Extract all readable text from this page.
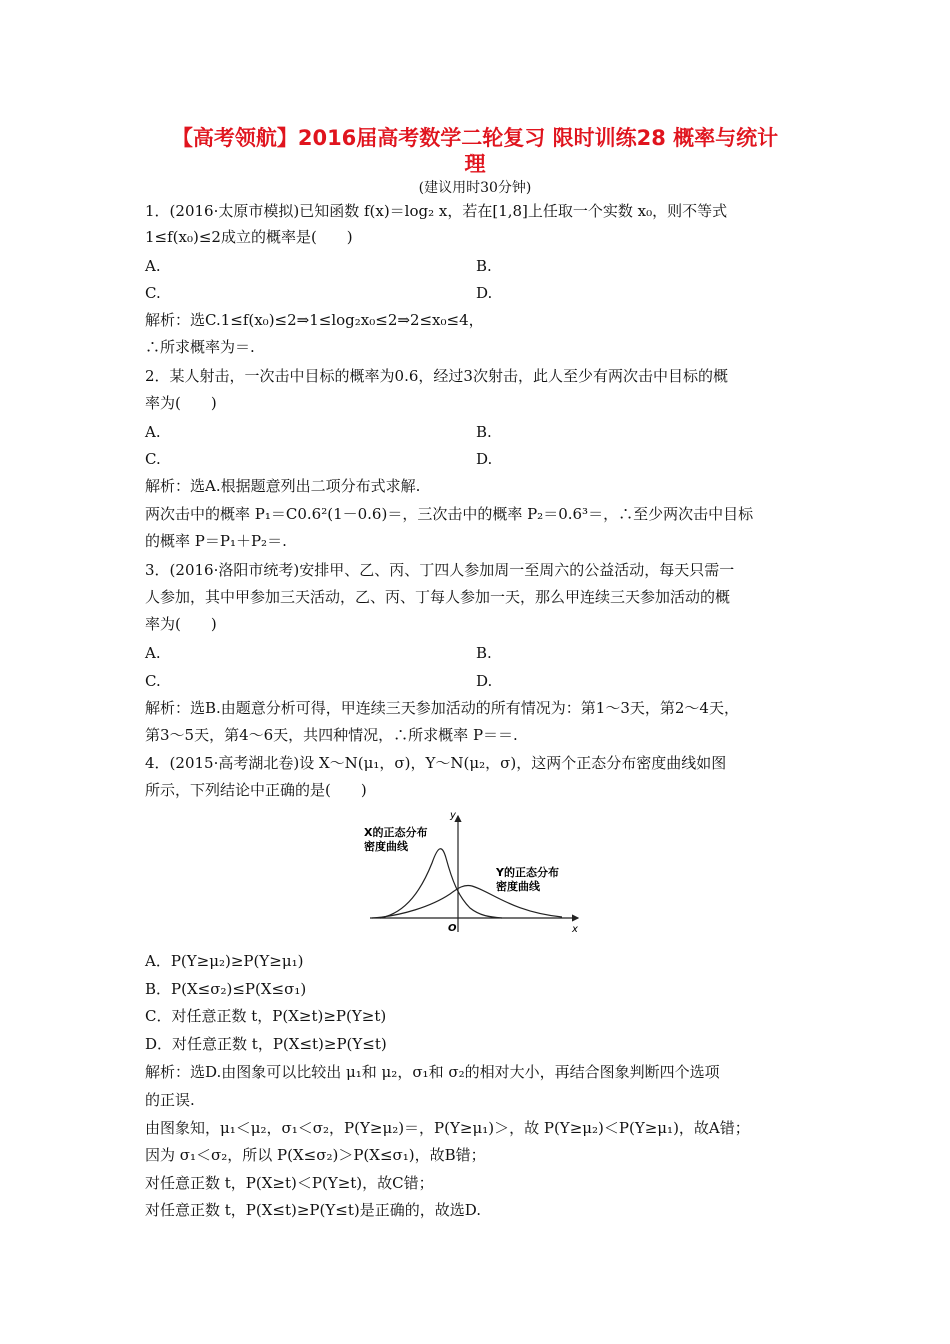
【高考领航】2016届高考数学二轮复习 限时训练28 概率与统计
理
(建议用时30分钟)
1．(2016·太原市模拟)已知函数 f(x)＝log₂ x，若在[1,8]上任取一个实数 x₀，则不等式
1≤f(x₀)≤2成立的概率是(　　)
A.	B.
C.	D.
解析：选C.1≤f(x₀)≤2⇒1≤log₂x₀≤2⇒2≤x₀≤4，
∴所求概率为＝.
2．某人射击，一次击中目标的概率为0.6，经过3次射击，此人至少有两次击中目标的概
率为(　　)
A.	B.
C.	D.
解析：选A.根据题意列出二项分布式求解.
两次击中的概率 P₁＝C0.6²(1－0.6)＝，三次击中的概率 P₂＝0.6³＝，∴至少两次击中目标
的概率 P＝P₁＋P₂＝.
3．(2016·洛阳市统考)安排甲、乙、丙、丁四人参加周一至周六的公益活动，每天只需一
人参加，其中甲参加三天活动，乙、丙、丁每人参加一天，那么甲连续三天参加活动的概
率为(　　)
A.	B.
C.	D.
解析：选B.由题意分析可得，甲连续三天参加活动的所有情况为：第1～3天，第2～4天，
第3～5天，第4～6天，共四种情况，∴所求概率 P＝＝.
4．(2015·高考湖北卷)设 X～N(μ₁，σ)，Y～N(μ₂，σ)，这两个正态分布密度曲线如图
所示，下列结论中正确的是(　　)
y
x
O
X的正态分布
密度曲线
Y的正态分布
密度曲线
A．P(Y≥μ₂)≥P(Y≥μ₁)
B．P(X≤σ₂)≤P(X≤σ₁)
C．对任意正数 t，P(X≥t)≥P(Y≥t)
D．对任意正数 t，P(X≤t)≥P(Y≤t)
解析：选D.由图象可以比较出 μ₁和 μ₂，σ₁和 σ₂的相对大小，再结合图象判断四个选项
的正误.
由图象知，μ₁＜μ₂，σ₁＜σ₂，P(Y≥μ₂)＝，P(Y≥μ₁)＞，故 P(Y≥μ₂)＜P(Y≥μ₁)，故A错；
因为 σ₁＜σ₂，所以 P(X≤σ₂)＞P(X≤σ₁)，故B错；
对任意正数 t，P(X≥t)＜P(Y≥t)，故C错；
对任意正数 t，P(X≤t)≥P(Y≤t)是正确的，故选D.
